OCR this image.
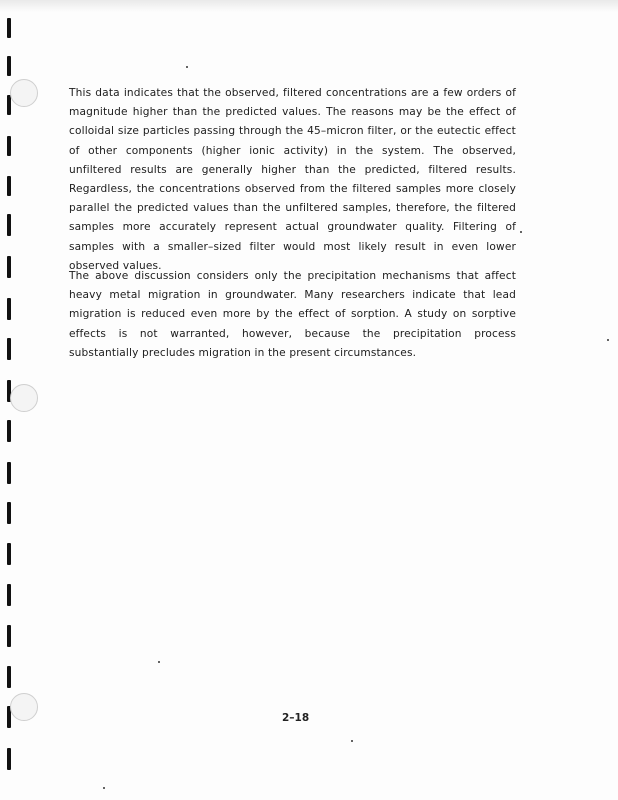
This data indicates that the observed, filtered concentrations are a few orders of magnitude higher than the predicted values. The reasons may be the effect of colloidal size particles passing through the 45–micron filter, or the eutectic effect of other components (higher ionic activity) in the system. The observed, unfiltered results are generally higher than the predicted, filtered results. Regardless, the concentrations observed from the filtered samples more closely parallel the predicted values than the unfiltered samples, therefore, the filtered samples more accurately represent actual groundwater quality. Filtering of samples with a smaller–sized filter would most likely result in even lower observed values.
The above discussion considers only the precipitation mechanisms that affect heavy metal migration in groundwater. Many researchers indicate that lead migration is reduced even more by the effect of sorption. A study on sorptive effects is not warranted, however, because the precipitation process substantially precludes migration in the present circumstances.
2–18
